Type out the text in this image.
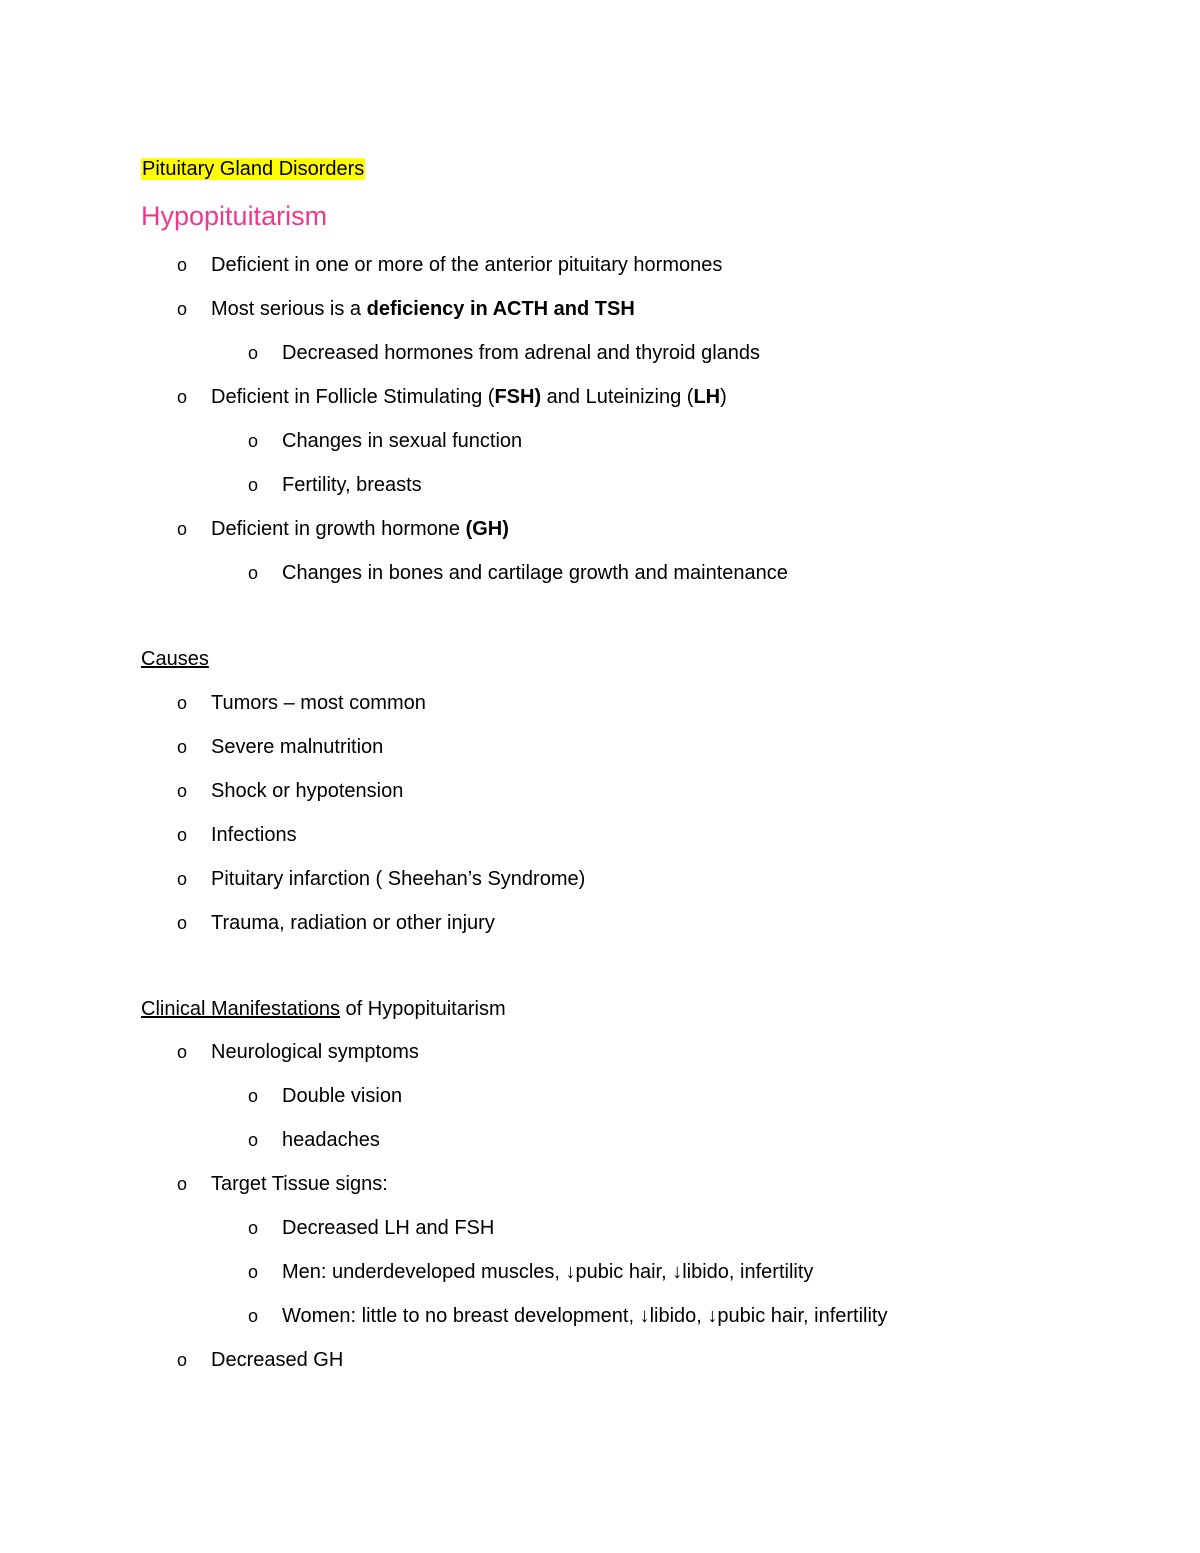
Pituitary Gland Disorders
Hypopituitarism
o Deficient in one or more of the anterior pituitary hormones
o Most serious is a deficiency in ACTH and TSH
o Decreased hormones from adrenal and thyroid glands
o Deficient in Follicle Stimulating (FSH) and Luteinizing (LH)
o Changes in sexual function
o Fertility, breasts
o Deficient in growth hormone (GH)
o Changes in bones and cartilage growth and maintenance
Causes
o Tumors – most common
o Severe malnutrition
o Shock or hypotension
o Infections
o Pituitary infarction ( Sheehan’s Syndrome)
o Trauma, radiation or other injury
Clinical Manifestations of Hypopituitarism
o Neurological symptoms
o Double vision
o headaches
o Target Tissue signs:
o Decreased LH and FSH
o Men: underdeveloped muscles, ↓pubic hair, ↓libido, infertility
o Women: little to no breast development, ↓libido, ↓pubic hair, infertility
o Decreased GH
